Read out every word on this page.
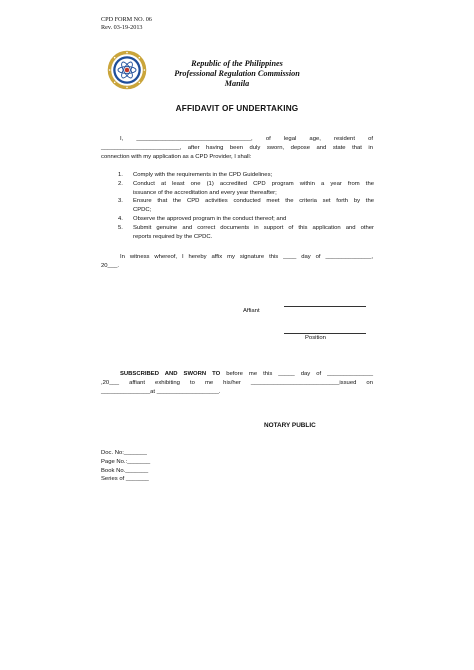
CPD FORM NO. 06
Rev. 03-19-2013
Republic of the Philippines
Professional Regulation Commission
Manila
AFFIDAVIT OF UNDERTAKING
I, ___________________________________, of legal age, resident of
________________________, after having been duly sworn, depose and state that in
connection with my application as a CPD Provider, I shall:
1.	Comply with the requirements in the CPD Guidelines;
2.	Conduct at least one (1) accredited CPD program within a year from the
issuance of the accreditation and every year thereafter;
3.	Ensure that the CPD activities conducted meet the criteria set forth by the
CPDC;
4.	Observe the approved program in the conduct thereof; and
5.	Submit genuine and correct documents in support of this application and other
reports required by the CPDC.
In witness whereof, I hereby affix my signature this ____ day of ______________,
20___.
Affiant
Position
SUBSCRIBED AND SWORN TO before me this _____ day of ______________
,20___ affiant exhibiting to me his/her ___________________________issued on
_______________at ___________________.
NOTARY PUBLIC
Doc. No:_______
Page No.:_______
Book No._______
Series of _______
